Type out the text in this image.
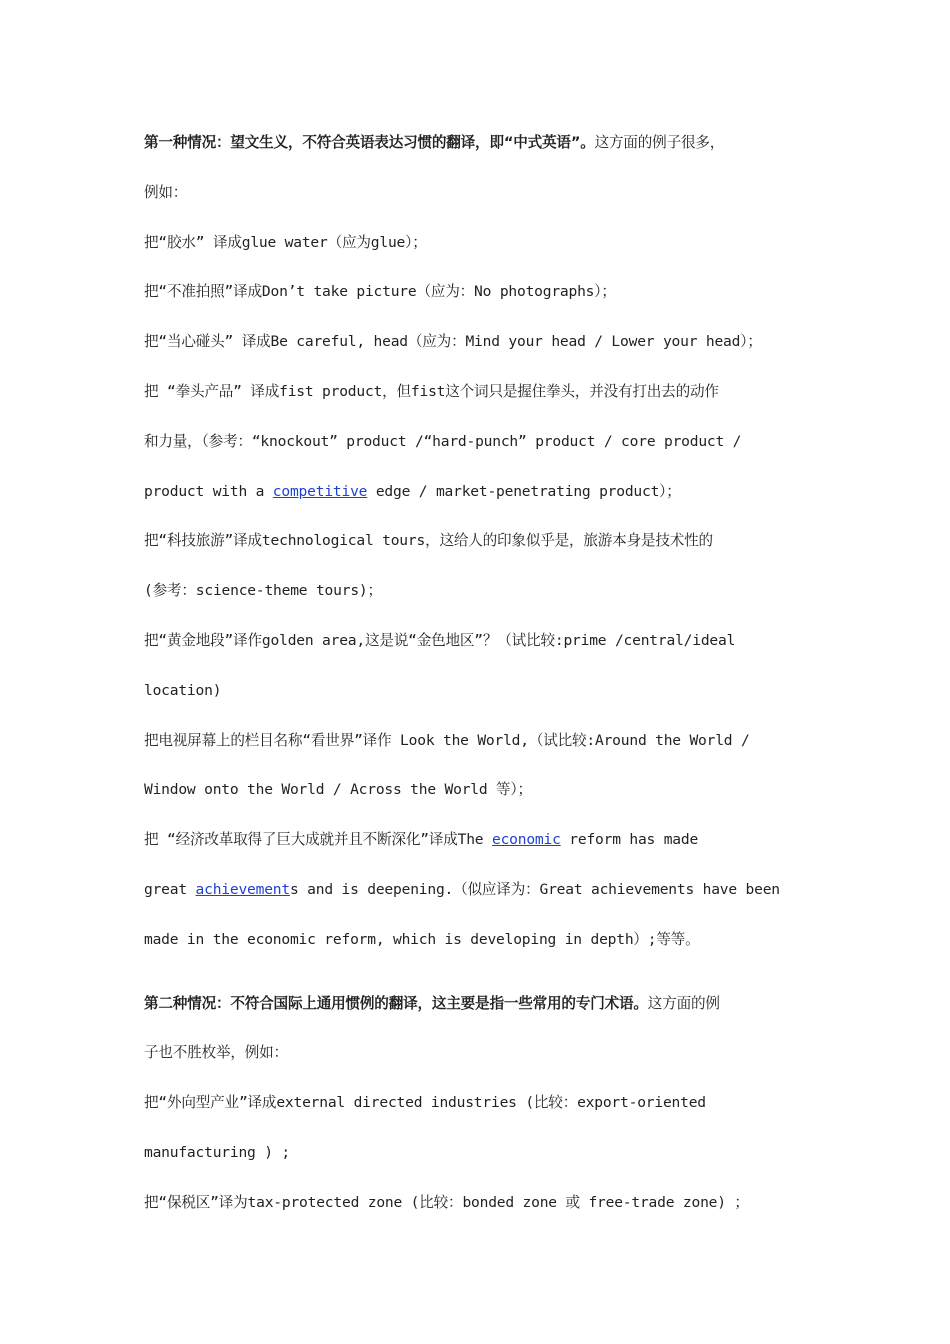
第一种情况：望文生义，不符合英语表达习惯的翻译，即“中式英语”。这方面的例子很多，
例如：
把“胶水” 译成glue water（应为glue）；
把“不准拍照”译成Don’t take picture（应为：No photographs）；
把“当心碰头” 译成Be careful, head（应为：Mind your head / Lower your head）；
把 “拳头产品” 译成fist product，但fist这个词只是握住拳头，并没有打出去的动作
和力量，（参考：“knockout” product /“hard-punch” product / core product /
product with a competitive edge / market-penetrating product）；
把“科技旅游”译成technological tours，这给人的印象似乎是，旅游本身是技术性的
(参考：science-theme tours)；
把“黄金地段”译作golden area,这是说“金色地区”？（试比较:prime /central/ideal
location)
把电视屏幕上的栏目名称“看世界”译作 Look the World,（试比较:Around the World /
Window onto the World / Across the World 等）；
把 “经济改革取得了巨大成就并且不断深化”译成The economic reform has made
great achievements and is deepening.（似应译为：Great achievements have been
made in the economic reform, which is developing in depth）;等等。
第二种情况：不符合国际上通用惯例的翻译，这主要是指一些常用的专门术语。这方面的例
子也不胜枚举，例如：
把“外向型产业”译成external directed industries (比较：export-oriented
manufacturing ) ;
把“保税区”译为tax-protected zone (比较：bonded zone 或 free-trade zone) ；
